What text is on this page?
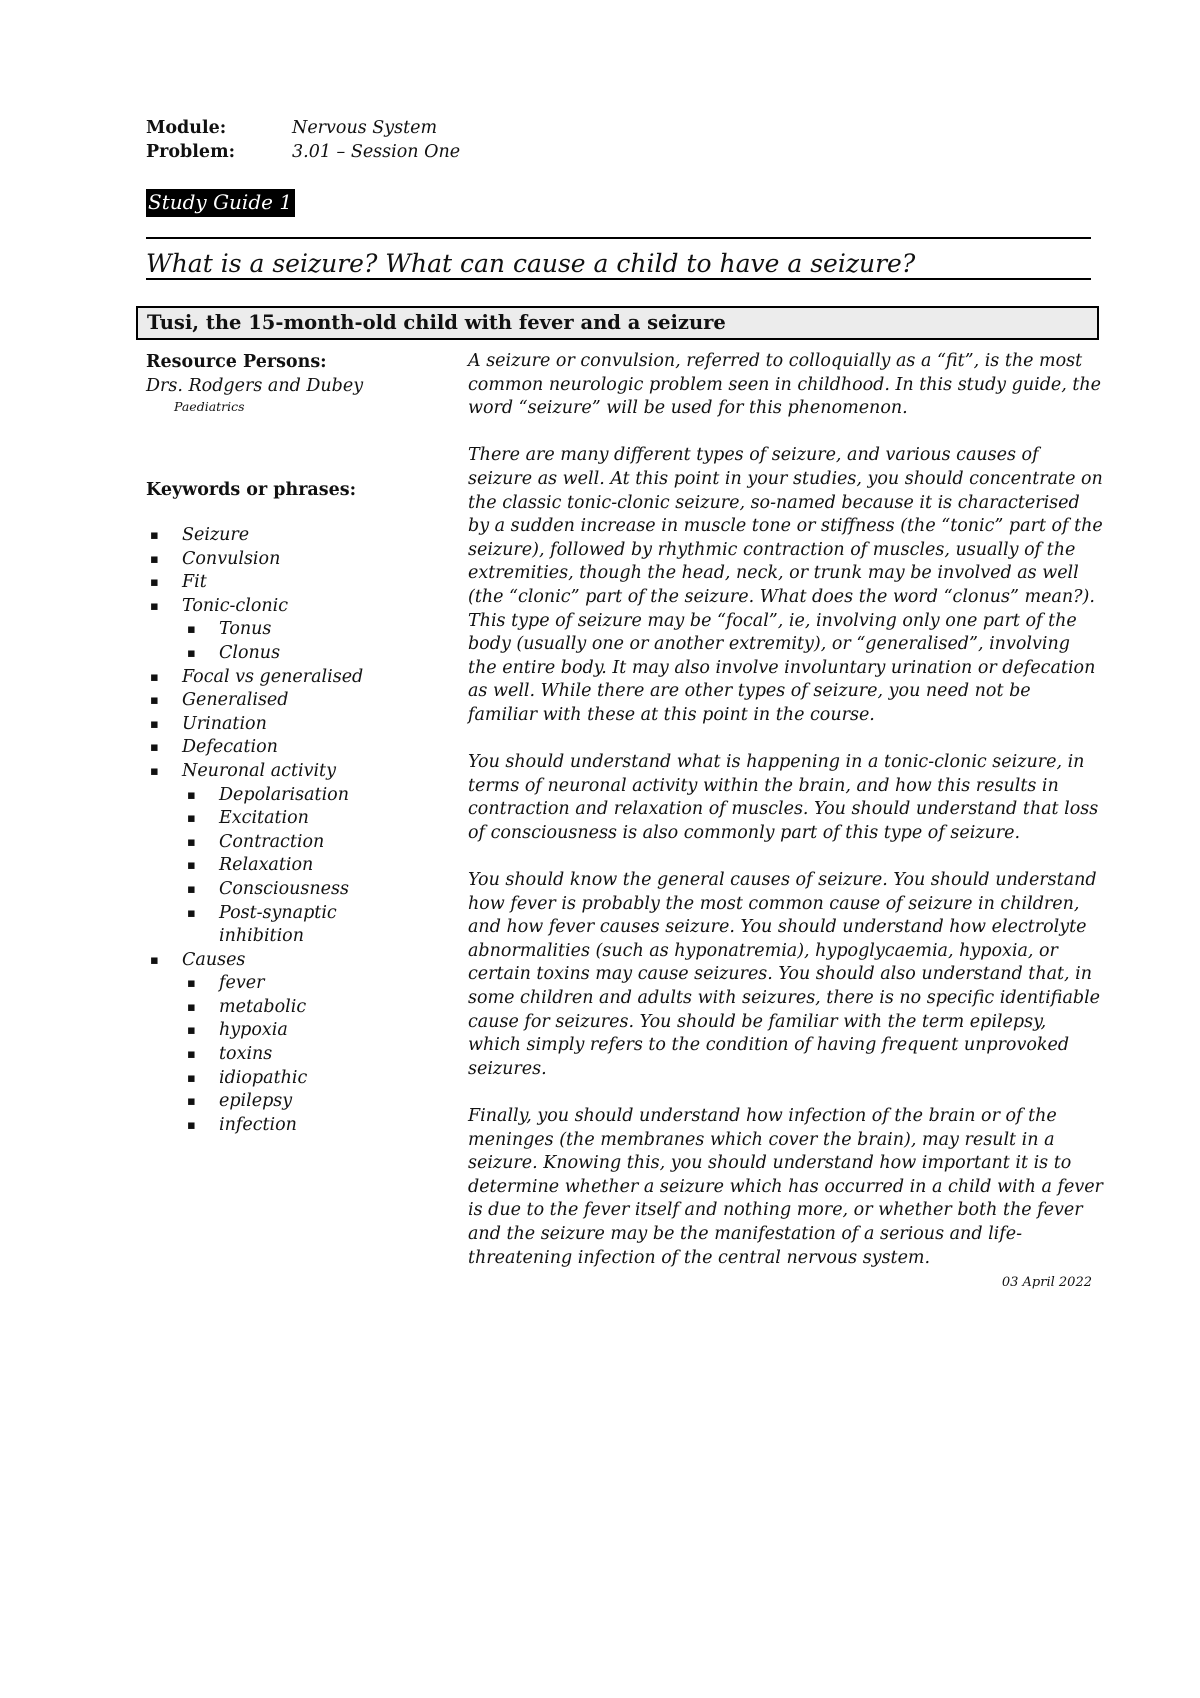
Module:	Nervous System
Problem:	3.01 – Session One
Study Guide 1
What is a seizure? What can cause a child to have a seizure?
Tusi, the 15-month-old child with fever and a seizure
Resource Persons:
Drs. Rodgers and Dubey
Paediatrics
Keywords or phrases:
▪ Seizure
▪ Convulsion
▪ Fit
▪ Tonic-clonic
▪ Tonus
▪ Clonus
▪ Focal vs generalised
▪ Generalised
▪ Urination
▪ Defecation
▪ Neuronal activity
▪ Depolarisation
▪ Excitation
▪ Contraction
▪ Relaxation
▪ Consciousness
▪ Post-synaptic
inhibition
▪ Causes
▪ fever
▪ metabolic
▪ hypoxia
▪ toxins
▪ idiopathic
▪ epilepsy
▪ infection

A seizure or convulsion, referred to colloquially as a “fit”, is the most common neurologic problem seen in childhood. In this study guide, the word “seizure” will be used for this phenomenon.

There are many different types of seizure, and various causes of seizure as well. At this point in your studies, you should concentrate on the classic tonic-clonic seizure, so-named because it is characterised by a sudden increase in muscle tone or stiffness (the “tonic” part of the seizure), followed by rhythmic contraction of muscles, usually of the extremities, though the head, neck, or trunk may be involved as well (the “clonic” part of the seizure. What does the word “clonus” mean?). This type of seizure may be “focal”, ie, involving only one part of the body (usually one or another extremity), or “generalised”, involving the entire body. It may also involve involuntary urination or defecation as well. While there are other types of seizure, you need not be familiar with these at this point in the course.

You should understand what is happening in a tonic-clonic seizure, in terms of neuronal activity within the brain, and how this results in contraction and relaxation of muscles. You should understand that loss of consciousness is also commonly part of this type of seizure.

You should know the general causes of seizure. You should understand how fever is probably the most common cause of seizure in children, and how fever causes seizure. You should understand how electrolyte abnormalities (such as hyponatremia), hypoglycaemia, hypoxia, or certain toxins may cause seizures. You should also understand that, in some children and adults with seizures, there is no specific identifiable cause for seizures. You should be familiar with the term epilepsy, which simply refers to the condition of having frequent unprovoked seizures.

Finally, you should understand how infection of the brain or of the meninges (the membranes which cover the brain), may result in a seizure. Knowing this, you should understand how important it is to determine whether a seizure which has occurred in a child with a fever is due to the fever itself and nothing more, or whether both the fever and the seizure may be the manifestation of a serious and life-threatening infection of the central nervous system.

03 April 2022
